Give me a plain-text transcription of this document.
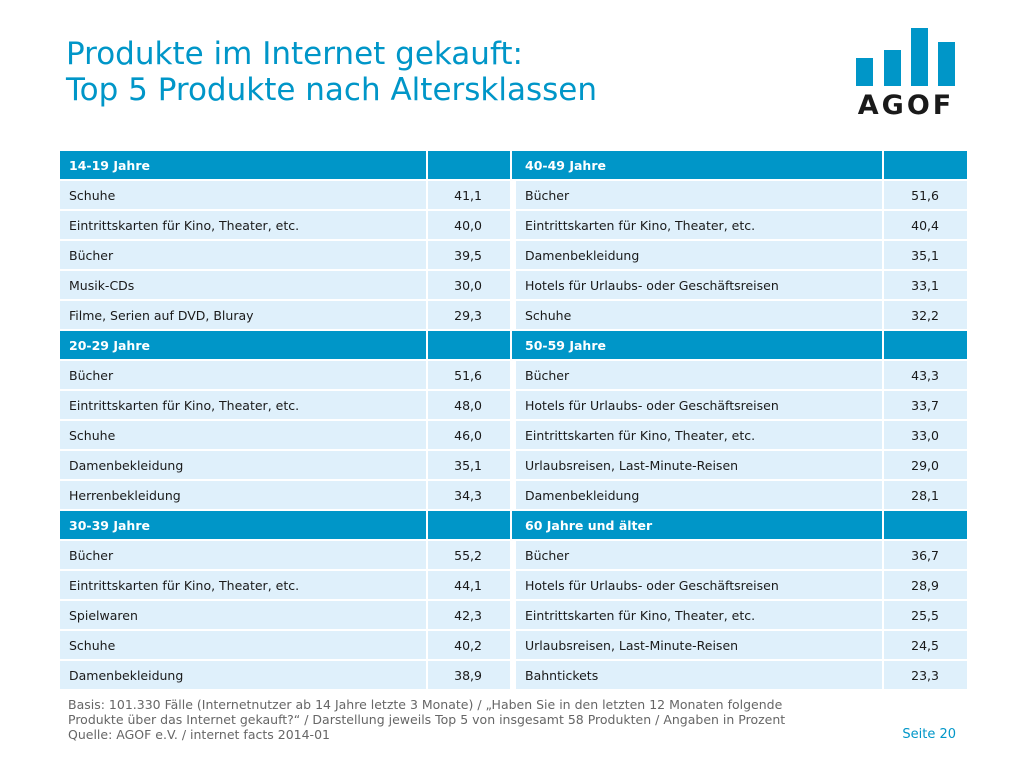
Produkte im Internet gekauft:
Top 5 Produkte nach Altersklassen	AGOF
14-19 Jahre			40-49 Jahre	
Schuhe	41,1		Bücher	51,6
Eintrittskarten für Kino, Theater, etc.	40,0		Eintrittskarten für Kino, Theater, etc.	40,4
Bücher	39,5		Damenbekleidung	35,1
Musik-CDs	30,0		Hotels für Urlaubs- oder Geschäftsreisen	33,1
Filme, Serien auf DVD, Bluray	29,3		Schuhe	32,2
20-29 Jahre			50-59 Jahre	
Bücher	51,6		Bücher	43,3
Eintrittskarten für Kino, Theater, etc.	48,0		Hotels für Urlaubs- oder Geschäftsreisen	33,7
Schuhe	46,0		Eintrittskarten für Kino, Theater, etc.	33,0
Damenbekleidung	35,1		Urlaubsreisen, Last-Minute-Reisen	29,0
Herrenbekleidung	34,3		Damenbekleidung	28,1
30-39 Jahre			60 Jahre und älter	
Bücher	55,2		Bücher	36,7
Eintrittskarten für Kino, Theater, etc.	44,1		Hotels für Urlaubs- oder Geschäftsreisen	28,9
Spielwaren	42,3		Eintrittskarten für Kino, Theater, etc.	25,5
Schuhe	40,2		Urlaubsreisen, Last-Minute-Reisen	24,5
Damenbekleidung	38,9		Bahntickets	23,3
Basis: 101.330 Fälle (Internetnutzer ab 14 Jahre letzte 3 Monate) / „Haben Sie in den letzten 12 Monaten folgende
Produkte über das Internet gekauft?“ / Darstellung jeweils Top 5 von insgesamt 58 Produkten / Angaben in Prozent
Quelle: AGOF e.V. / internet facts 2014-01	Seite 20
